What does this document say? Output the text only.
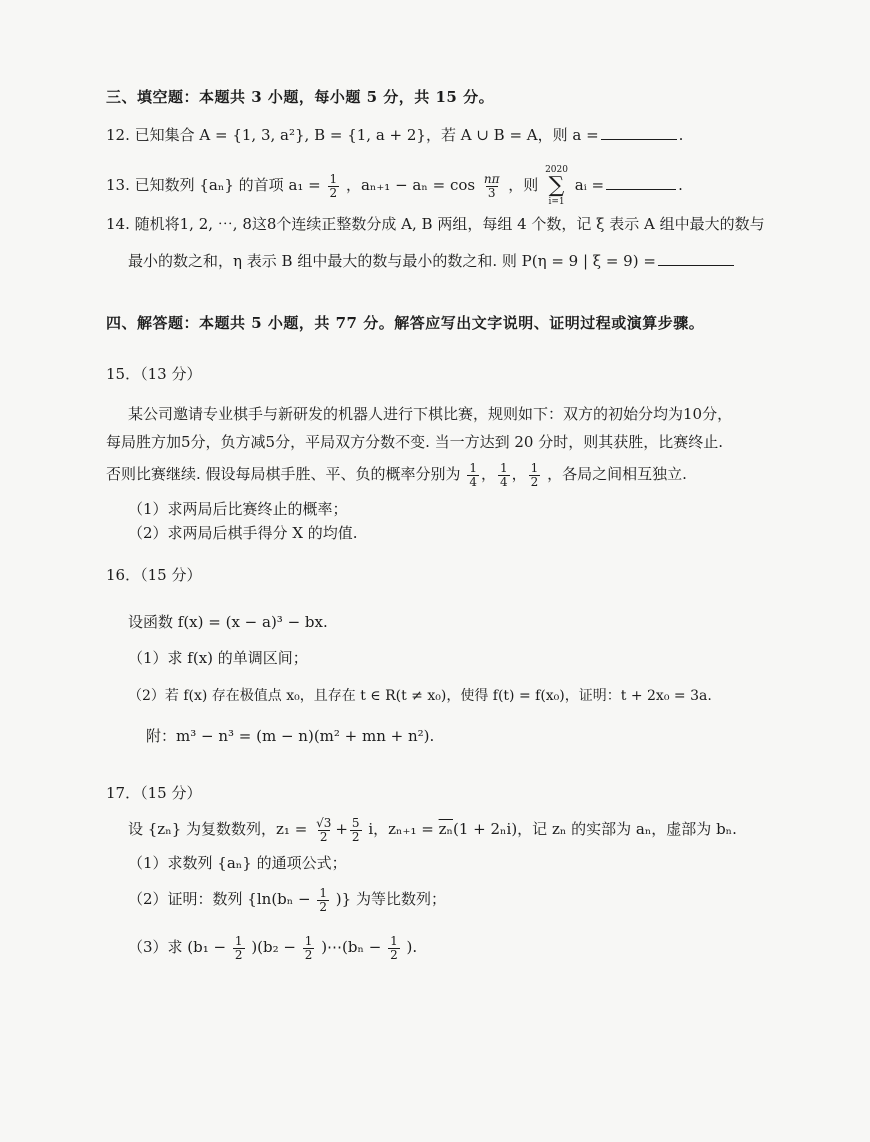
三、填空题：本题共 3 小题，每小题 5 分，共 15 分。
12. 已知集合 A = {1, 3, a²}, B = {1, a + 2}，若 A ∪ B = A，则 a =	.
13. 已知数列 {aₙ} 的首项 $a_1 = \frac{1}{2}$ ，$a_{n+1} - a_n = \cos \frac{n\pi}{3}$ ，则
2020
∑
i=1
aᵢ =	.
14. 随机将1, 2, ⋯, 8这8个连续正整数分成 A, B 两组，每组 4 个数，记 ξ 表示 A 组中最大的数与
最小的数之和，η 表示 B 组中最大的数与最小的数之和. 则 P(η = 9 | ξ = 9) =
四、解答题：本题共 5 小题，共 77 分。解答应写出文字说明、证明过程或演算步骤。
15．（13 分）
某公司邀请专业棋手与新研发的机器人进行下棋比赛，规则如下：双方的初始分均为10分，
每局胜方加5分，负方减5分，平局双方分数不变. 当一方达到 20 分时，则其获胜，比赛终止.
否则比赛继续. 假设每局棋手胜、平、负的概率分别为 $\frac{1}{4}$ ， $\frac{1}{4}$ ， $\frac{1}{2}$ ，各局之间相互独立.
（1）求两局后比赛终止的概率；
（2）求两局后棋手得分 X 的均值.
16．（15 分）
设函数 f(x) = (x − a)³ − bx.
（1）求 f(x) 的单调区间；
（2）若 f(x) 存在极值点 x₀，且存在 t ∈ R(t ≠ x₀)，使得 f(t) = f(x₀)，证明：t + 2x₀ = 3a.
附：m³ − n³ = (m − n)(m² + mn + n²).
17．（15 分）
设 {zₙ} 为复数数列，$z_1 = \frac{√3}{2} + \frac{5}{2}$ i，$z_{n+1} = \overline{z_n}(1 + 2_ni)$，记 zₙ 的实部为 aₙ，虚部为 bₙ.
（1）求数列 {aₙ} 的通项公式；
（2）证明：数列 {$\ln(b_n - \frac{1}{2}$ )} 为等比数列；
（3）求 $(b_1 - \frac{1}{2} )(b_2 - \frac{1}{2}$ )⋯(bₙ − $\frac{1}{2}$ ).
